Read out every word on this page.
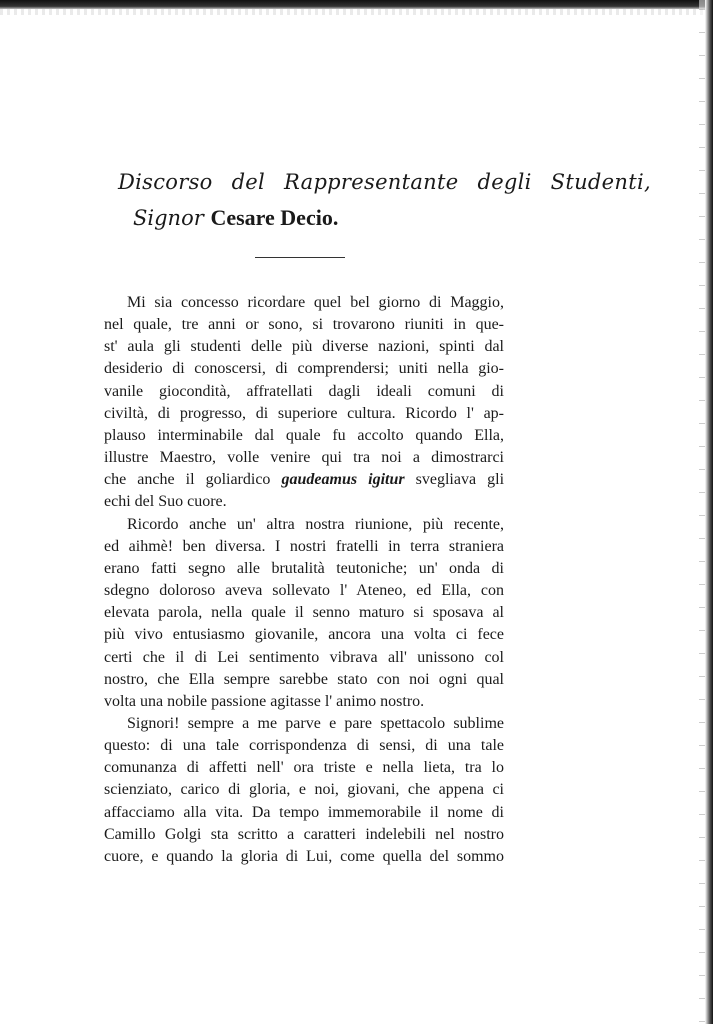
Discorso del Rappresentante degli Studenti,
Signor Cesare Decio.
Mi sia concesso ricordare quel bel giorno di Maggio,
nel quale, tre anni or sono, si trovarono riuniti in que-
st' aula gli studenti delle più diverse nazioni, spinti dal
desiderio di conoscersi, di comprendersi; uniti nella gio-
vanile giocondità, affratellati dagli ideali comuni di
civiltà, di progresso, di superiore cultura. Ricordo l' ap-
plauso interminabile dal quale fu accolto quando Ella,
illustre Maestro, volle venire qui tra noi a dimostrarci
che anche il goliardico gaudeamus igitur svegliava gli
echi del Suo cuore.
Ricordo anche un' altra nostra riunione, più recente,
ed aihmè! ben diversa. I nostri fratelli in terra straniera
erano fatti segno alle brutalità teutoniche; un' onda di
sdegno doloroso aveva sollevato l' Ateneo, ed Ella, con
elevata parola, nella quale il senno maturo si sposava al
più vivo entusiasmo giovanile, ancora una volta ci fece
certi che il di Lei sentimento vibrava all' unissono col
nostro, che Ella sempre sarebbe stato con noi ogni qual
volta una nobile passione agitasse l' animo nostro.
Signori! sempre a me parve e pare spettacolo sublime
questo: di una tale corrispondenza di sensi, di una tale
comunanza di affetti nell' ora triste e nella lieta, tra lo
scienziato, carico di gloria, e noi, giovani, che appena ci
affacciamo alla vita. Da tempo immemorabile il nome di
Camillo Golgi sta scritto a caratteri indelebili nel nostro
cuore, e quando la gloria di Lui, come quella del sommo
